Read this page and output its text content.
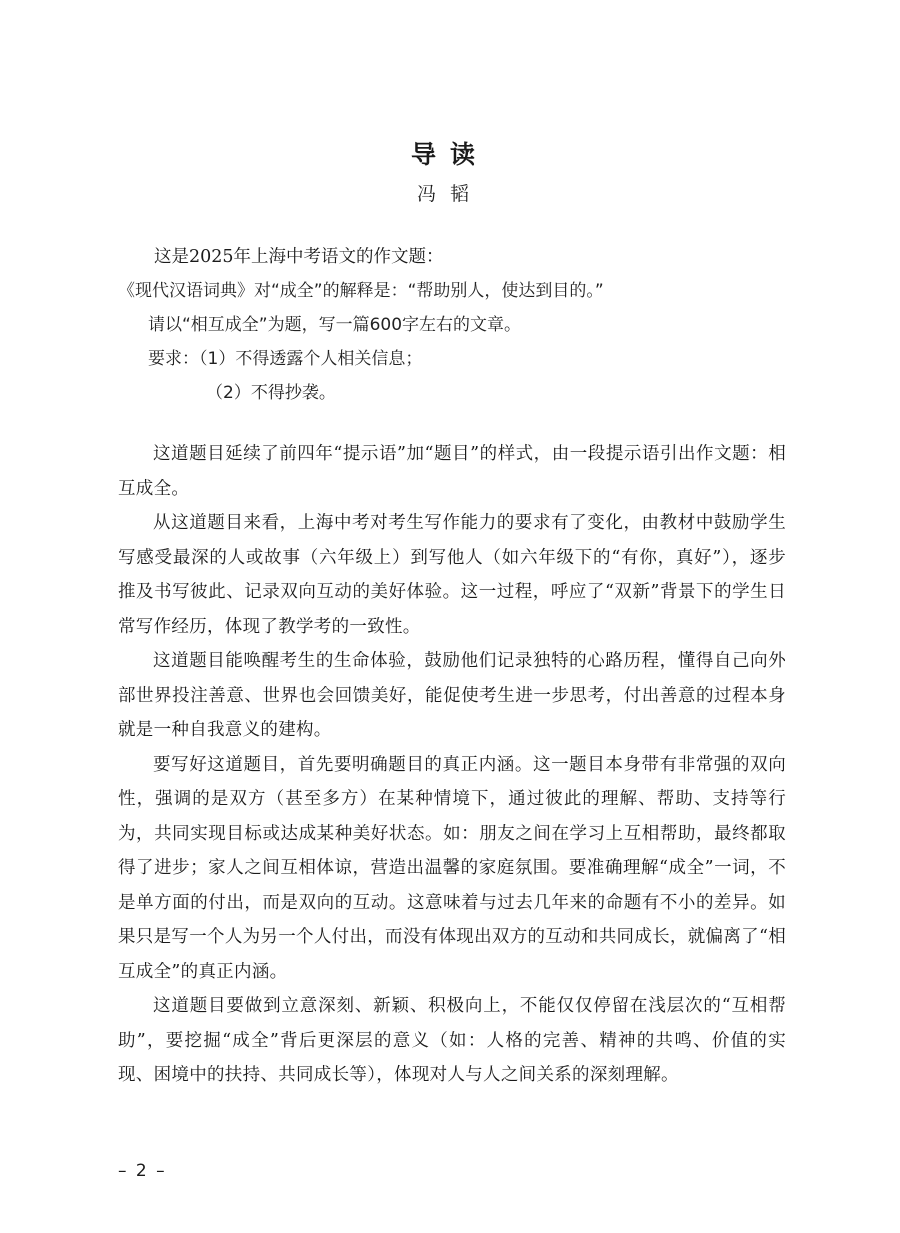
导读
冯韬
这是2025年上海中考语文的作文题：
《现代汉语词典》对“成全”的解释是：“帮助别人，使达到目的。”
请以“相互成全”为题，写一篇600字左右的文章。
要求：（1）不得透露个人相关信息；
（2）不得抄袭。

这道题目延续了前四年“提示语”加“题目”的样式，由一段提示语引出作文题：相互成全。

从这道题目来看，上海中考对考生写作能力的要求有了变化，由教材中鼓励学生写感受最深的人或故事（六年级上）到写他人（如六年级下的“有你，真好”），逐步推及书写彼此、记录双向互动的美好体验。这一过程，呼应了“双新”背景下的学生日常写作经历，体现了教学考的一致性。

这道题目能唤醒考生的生命体验，鼓励他们记录独特的心路历程，懂得自己向外部世界投注善意、世界也会回馈美好，能促使考生进一步思考，付出善意的过程本身就是一种自我意义的建构。

要写好这道题目，首先要明确题目的真正内涵。这一题目本身带有非常强的双向性，强调的是双方（甚至多方）在某种情境下，通过彼此的理解、帮助、支持等行为，共同实现目标或达成某种美好状态。如：朋友之间在学习上互相帮助，最终都取得了进步；家人之间互相体谅，营造出温馨的家庭氛围。要准确理解“成全”一词，不是单方面的付出，而是双向的互动。这意味着与过去几年来的命题有不小的差异。如果只是写一个人为另一个人付出，而没有体现出双方的互动和共同成长，就偏离了“相互成全”的真正内涵。

这道题目要做到立意深刻、新颖、积极向上，不能仅仅停留在浅层次的“互相帮助”，要挖掘“成全”背后更深层的意义（如：人格的完善、精神的共鸣、价值的实现、困境中的扶持、共同成长等），体现对人与人之间关系的深刻理解。

– 2 –
